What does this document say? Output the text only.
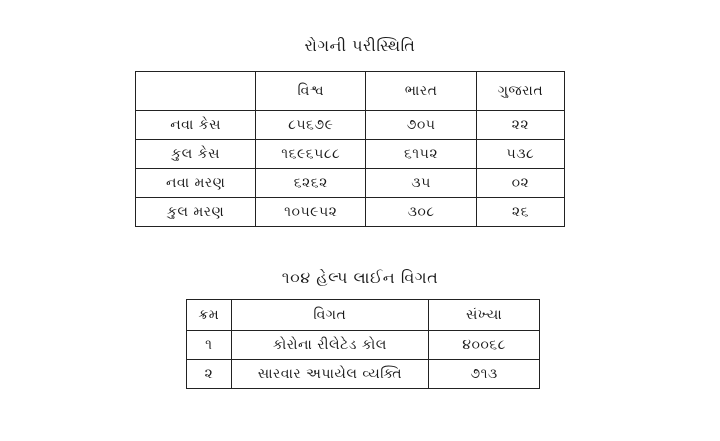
રોગની પરીસ્થિતિ
	વિશ્વ	ભારત	ગુજરાત
નવા કેસ	૮૫૬૭૯	૭૦૫	૨૨
કુલ કેસ	૧૬૯૬૫૮૮	૬૧૫૨	૫૩૮
નવા મરણ	૬૨૬૨	૩૫	૦૨
કુલ મરણ	૧૦૫૯૫૨	૩૦૮	૨૬
૧૦૪ હેલ્પ લાઈન વિગત
ક્રમ	વિગત	સંખ્યા
૧	કોરોના રીલેટેડ કોલ	૪૦૦૬૮
૨	સારવાર અપાયેલ વ્યક્તિ	૭૧૩
